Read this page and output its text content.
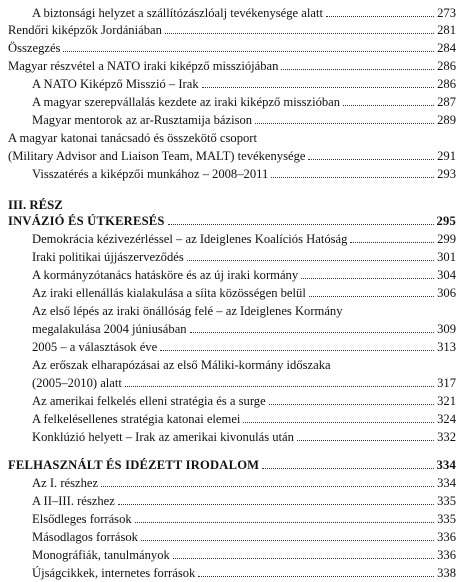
III. RÉSZ
A biztonsági helyzet a szállítózászlóalj tevékenysége alatt	273
Rendőri kiképzők Jordániában	281
Összegzés	284
Magyar részvétel a NATO iraki kiképző missziójában	286
A NATO Kiképző Misszió – Irak	286
A magyar szerepvállalás kezdete az iraki kiképző misszióban	287
Magyar mentorok az ar-Rusztamija bázison	289
A magyar katonai tanácsadó és összekötő csoport
(Military Advisor and Liaison Team, MALT) tevékenysége	291
Visszatérés a kiképzői munkához – 2008–2011	293
INVÁZIÓ ÉS ÚTKERESÉS	295
Demokrácia kézivezérléssel – az Ideiglenes Koalíciós Hatóság	299
Iraki politikai újjászerveződés	301
A kormányzótanács hatásköre és az új iraki kormány	304
Az iraki ellenállás kialakulása a síita közösségen belül	306
Az első lépés az iraki önállóság felé – az Ideiglenes Kormány
megalakulása 2004 júniusában	309
2005 – a választások éve	313
Az erőszak elharapózásai az első Máliki-kormány időszaka
(2005–2010) alatt	317
Az amerikai felkelés elleni stratégia és a surge	321
A felkelésellenes stratégia katonai elemei	324
Konklúzió helyett – Irak az amerikai kivonulás után	332
FELHASZNÁLT ÉS IDÉZETT IRODALOM	334
Az I. részhez	334
A II–III. részhez	335
Elsődleges források	335
Másodlagos források	336
Monográfiák, tanulmányok	336
Újságcikkek, internetes források	338
